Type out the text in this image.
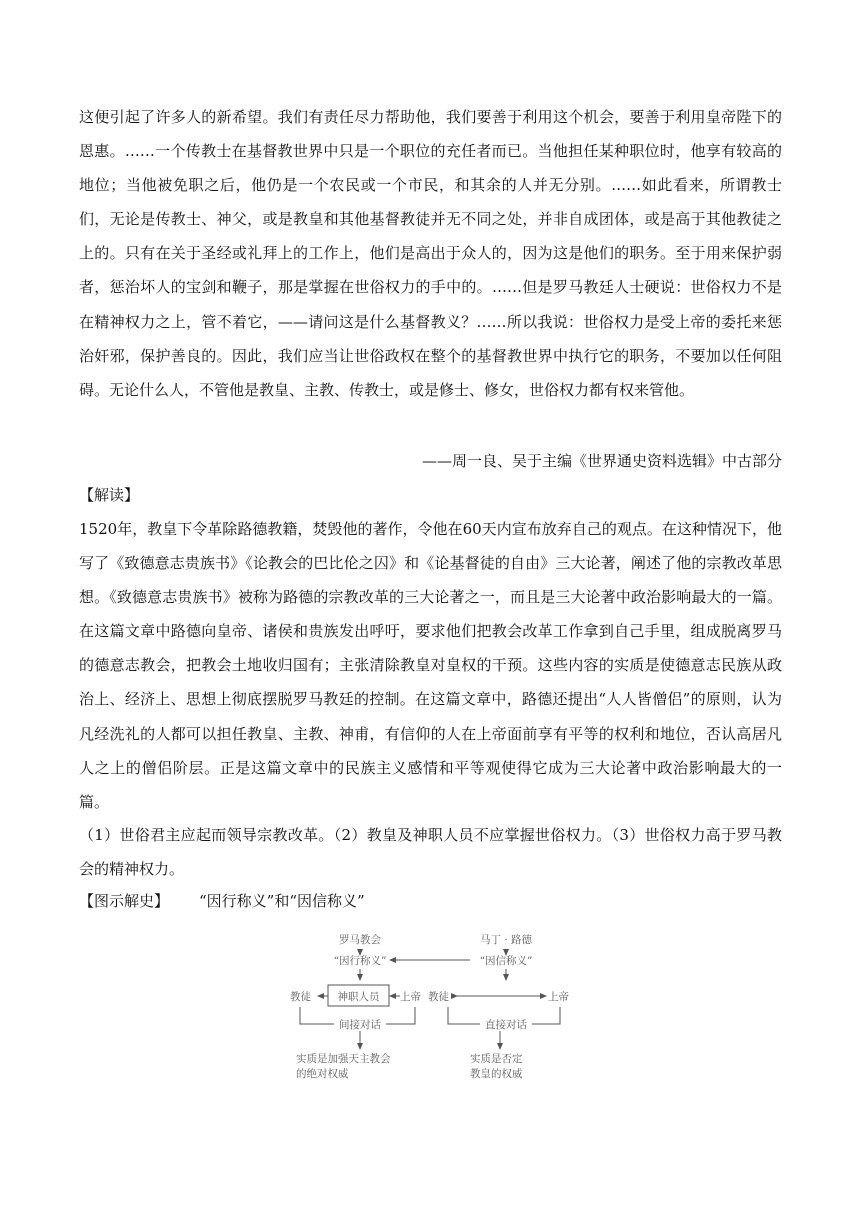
这便引起了许多人的新希望。我们有责任尽力帮助他，我们要善于利用这个机会，要善于利用皇帝陛下的恩惠。……一个传教士在基督教世界中只是一个职位的充任者而已。当他担任某种职位时，他享有较高的地位；当他被免职之后，他仍是一个农民或一个市民，和其余的人并无分别。……如此看来，所谓教士们，无论是传教士、神父，或是教皇和其他基督教徒并无不同之处，并非自成团体，或是高于其他教徒之上的。只有在关于圣经或礼拜上的工作上，他们是高出于众人的，因为这是他们的职务。至于用来保护弱者，惩治坏人的宝剑和鞭子，那是掌握在世俗权力的手中的。……但是罗马教廷人士硬说：世俗权力不是在精神权力之上，管不着它，——请问这是什么基督教义？……所以我说：世俗权力是受上帝的委托来惩治奸邪，保护善良的。因此，我们应当让世俗政权在整个的基督教世界中执行它的职务，不要加以任何阻碍。无论什么人，不管他是教皇、主教、传教士，或是修士、修女，世俗权力都有权来管他。
——周一良、吴于主编《世界通史资料选辑》中古部分
【解读】
1520年，教皇下令革除路德教籍，焚毁他的著作，令他在60天内宣布放弃自己的观点。在这种情况下，他写了《致德意志贵族书》《论教会的巴比伦之囚》和《论基督徒的自由》三大论著，阐述了他的宗教改革思想。《致德意志贵族书》被称为路德的宗教改革的三大论著之一，而且是三大论著中政治影响最大的一篇。在这篇文章中路德向皇帝、诸侯和贵族发出呼吁，要求他们把教会改革工作拿到自己手里，组成脱离罗马的德意志教会，把教会土地收归国有；主张清除教皇对皇权的干预。这些内容的实质是使德意志民族从政治上、经济上、思想上彻底摆脱罗马教廷的控制。在这篇文章中，路德还提出“人人皆僧侣”的原则，认为凡经洗礼的人都可以担任教皇、主教、神甫，有信仰的人在上帝面前享有平等的权利和地位，否认高居凡人之上的僧侣阶层。正是这篇文章中的民族主义感情和平等观使得它成为三大论著中政治影响最大的一篇。
（1）世俗君主应起而领导宗教改革。（2）教皇及神职人员不应掌握世俗权力。（3）世俗权力高于罗马教会的精神权力。
【图示解史】 “因行称义”和“因信称义”
罗马教会
“因行称义”
教徒	神职人员 上帝
间接对话
实质是加强天主教会
的绝对权威
马丁 · 路德
“因信称义”
教徒	上帝
直接对话
实质是否定
教皇的权威
